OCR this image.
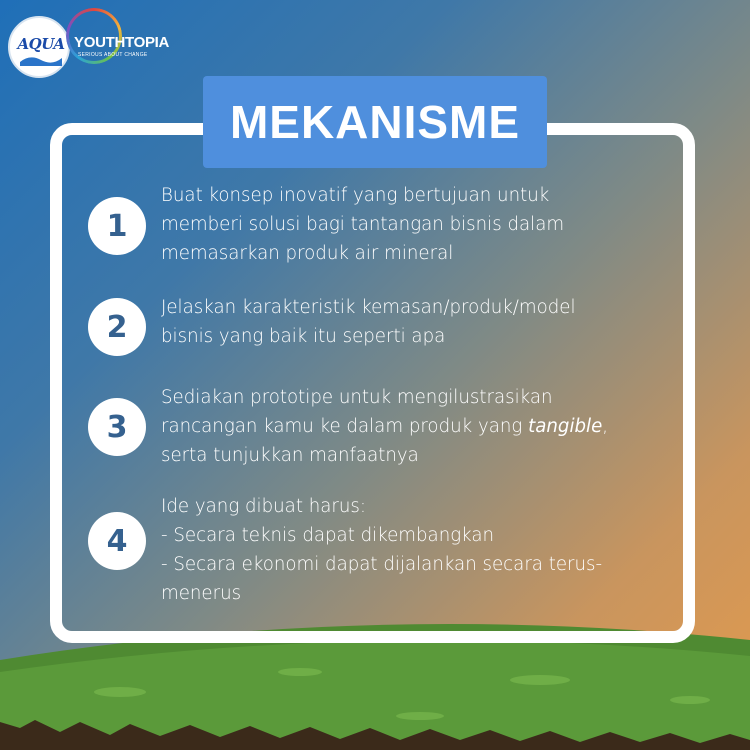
AQUA YOUTHTOPIA
SERIOUS ABOUT CHANGE
MEKANISME
1
Buat konsep inovatif yang bertujuan untuk
memberi solusi bagi tantangan bisnis dalam
memasarkan produk air mineral
2
Jelaskan karakteristik kemasan/produk/model
bisnis yang baik itu seperti apa
3
Sediakan prototipe untuk mengilustrasikan
rancangan kamu ke dalam produk yang tangible,
serta tunjukkan manfaatnya
4
Ide yang dibuat harus:
- Secara teknis dapat dikembangkan
- Secara ekonomi dapat dijalankan secara terus-
menerus
